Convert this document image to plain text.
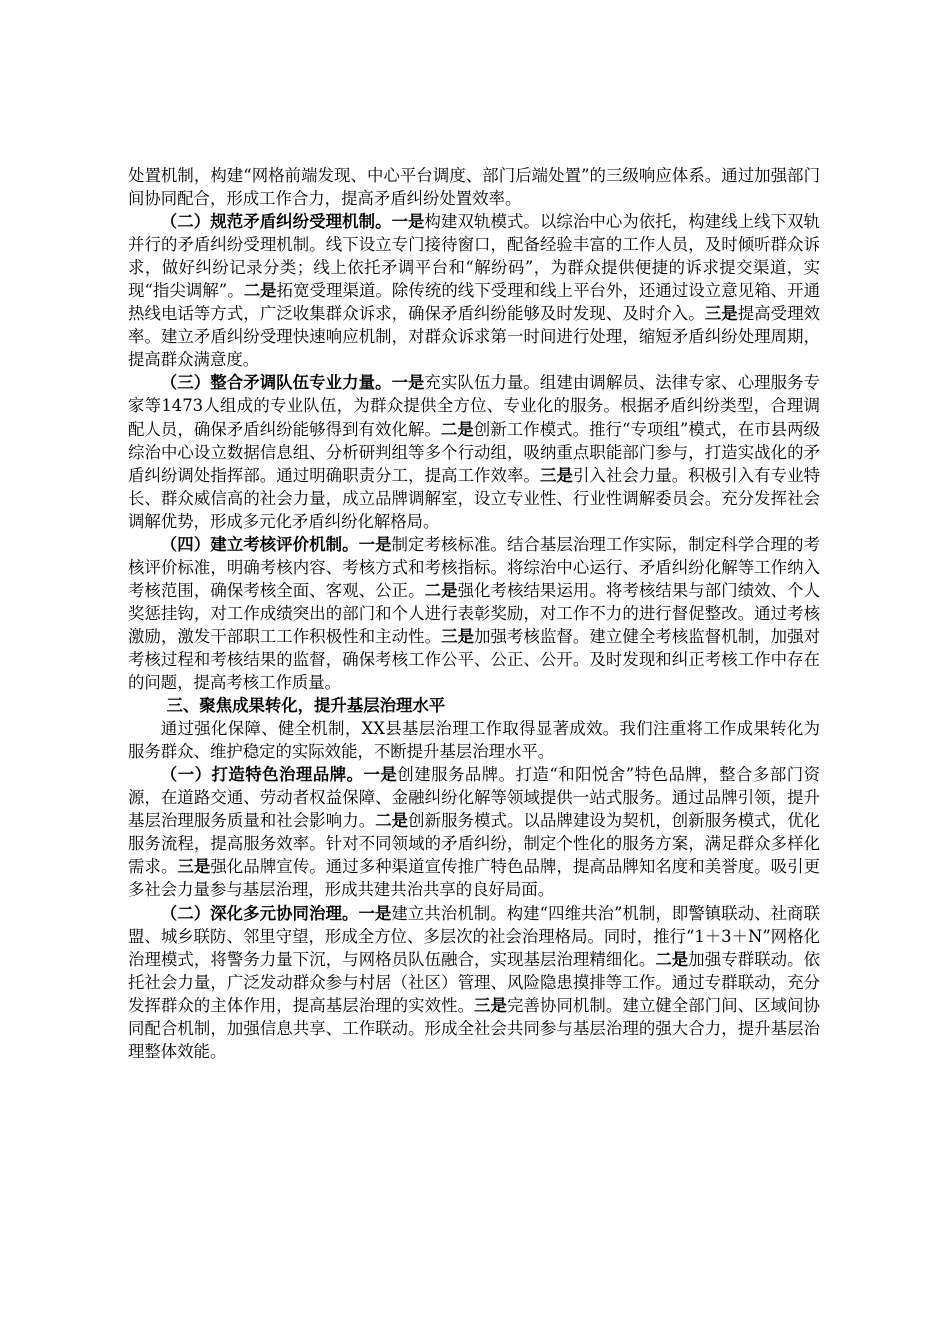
处置机制，构建“网格前端发现、中心平台调度、部门后端处置”的三级响应体系。通过加强部门间协同配合，形成工作合力，提高矛盾纠纷处置效率。

（二）规范矛盾纠纷受理机制。一是构建双轨模式。以综治中心为依托，构建线上线下双轨并行的矛盾纠纷受理机制。线下设立专门接待窗口，配备经验丰富的工作人员，及时倾听群众诉求，做好纠纷记录分类；线上依托矛调平台和“解纷码”，为群众提供便捷的诉求提交渠道，实现“指尖调解”。二是拓宽受理渠道。除传统的线下受理和线上平台外，还通过设立意见箱、开通热线电话等方式，广泛收集群众诉求，确保矛盾纠纷能够及时发现、及时介入。三是提高受理效率。建立矛盾纠纷受理快速响应机制，对群众诉求第一时间进行处理，缩短矛盾纠纷处理周期，提高群众满意度。

（三）整合矛调队伍专业力量。一是充实队伍力量。组建由调解员、法律专家、心理服务专家等1473人组成的专业队伍，为群众提供全方位、专业化的服务。根据矛盾纠纷类型，合理调配人员，确保矛盾纠纷能够得到有效化解。二是创新工作模式。推行“专项组”模式，在市县两级综治中心设立数据信息组、分析研判组等多个行动组，吸纳重点职能部门参与，打造实战化的矛盾纠纷调处指挥部。通过明确职责分工，提高工作效率。三是引入社会力量。积极引入有专业特长、群众威信高的社会力量，成立品牌调解室，设立专业性、行业性调解委员会。充分发挥社会调解优势，形成多元化矛盾纠纷化解格局。

（四）建立考核评价机制。一是制定考核标准。结合基层治理工作实际，制定科学合理的考核评价标准，明确考核内容、考核方式和考核指标。将综治中心运行、矛盾纠纷化解等工作纳入考核范围，确保考核全面、客观、公正。二是强化考核结果运用。将考核结果与部门绩效、个人奖惩挂钩，对工作成绩突出的部门和个人进行表彰奖励，对工作不力的进行督促整改。通过考核激励，激发干部职工工作积极性和主动性。三是加强考核监督。建立健全考核监督机制，加强对考核过程和考核结果的监督，确保考核工作公平、公正、公开。及时发现和纠正考核工作中存在的问题，提高考核工作质量。

三、聚焦成果转化，提升基层治理水平

通过强化保障、健全机制，XX县基层治理工作取得显著成效。我们注重将工作成果转化为服务群众、维护稳定的实际效能，不断提升基层治理水平。

（一）打造特色治理品牌。一是创建服务品牌。打造“和阳悦舍”特色品牌，整合多部门资源，在道路交通、劳动者权益保障、金融纠纷化解等领域提供一站式服务。通过品牌引领，提升基层治理服务质量和社会影响力。二是创新服务模式。以品牌建设为契机，创新服务模式，优化服务流程，提高服务效率。针对不同领域的矛盾纠纷，制定个性化的服务方案，满足群众多样化需求。三是强化品牌宣传。通过多种渠道宣传推广特色品牌，提高品牌知名度和美誉度。吸引更多社会力量参与基层治理，形成共建共治共享的良好局面。

（二）深化多元协同治理。一是建立共治机制。构建“四维共治”机制，即警镇联动、社商联盟、城乡联防、邻里守望，形成全方位、多层次的社会治理格局。同时，推行“1＋3＋N”网格化治理模式，将警务力量下沉，与网格员队伍融合，实现基层治理精细化。二是加强专群联动。依托社会力量，广泛发动群众参与村居（社区）管理、风险隐患摸排等工作。通过专群联动，充分发挥群众的主体作用，提高基层治理的实效性。三是完善协同机制。建立健全部门间、区域间协同配合机制，加强信息共享、工作联动。形成全社会共同参与基层治理的强大合力，提升基层治理整体效能。
